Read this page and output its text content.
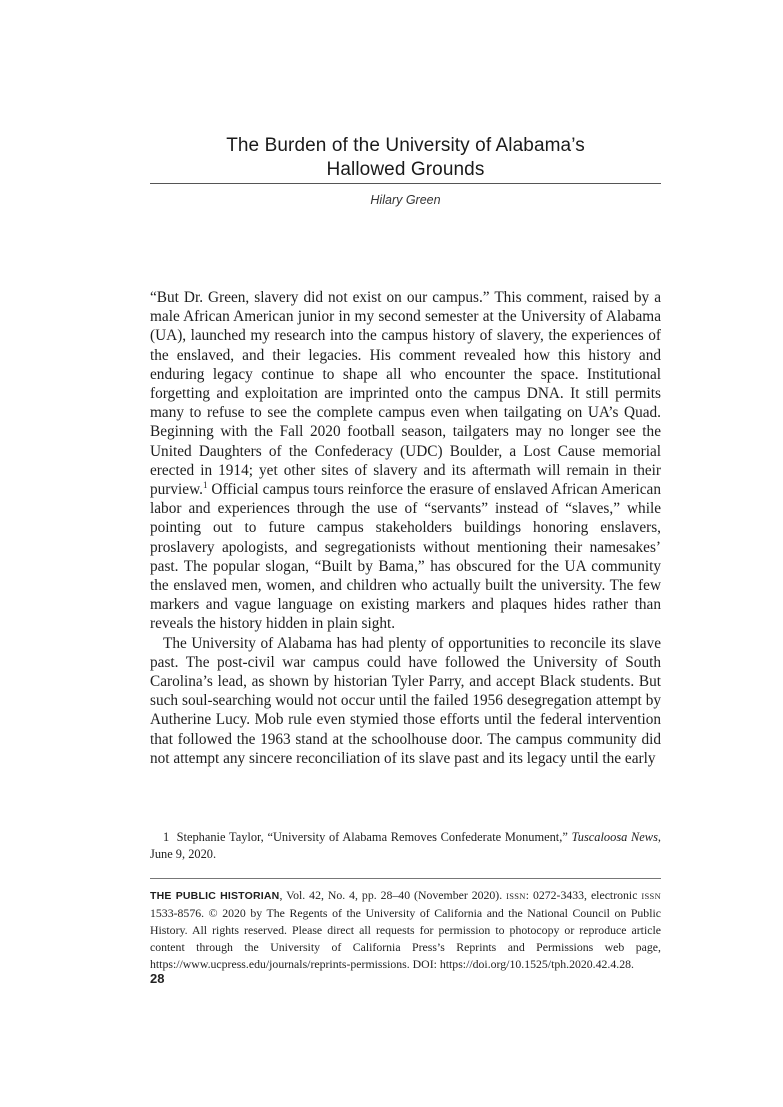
The Burden of the University of Alabama’s
Hallowed Grounds
Hilary Green

“But Dr. Green, slavery did not exist on our campus.” This comment, raised by a male African American junior in my second semester at the University of Alabama (UA), launched my research into the campus history of slavery, the experiences of the enslaved, and their legacies. His comment revealed how this history and enduring legacy continue to shape all who encounter the space. Institutional forgetting and exploitation are imprinted onto the campus DNA. It still permits many to refuse to see the complete campus even when tailgating on UA’s Quad. Beginning with the Fall 2020 football season, tailgaters may no longer see the United Daughters of the Confederacy (UDC) Boulder, a Lost Cause memorial erected in 1914; yet other sites of slavery and its aftermath will remain in their purview.$^1$ Official campus tours reinforce the erasure of enslaved African American labor and experiences through the use of “servants” instead of “slaves,” while pointing out to future campus stakeholders buildings honoring enslavers, proslavery apologists, and segregationists without mentioning their namesakes’ past. The popular slogan, “Built by Bama,” has obscured for the UA community the enslaved men, women, and children who actually built the university. The few markers and vague language on existing markers and plaques hides rather than reveals the history hidden in plain sight.

The University of Alabama has had plenty of opportunities to reconcile its slave past. The post-civil war campus could have followed the University of South Carolina’s lead, as shown by historian Tyler Parry, and accept Black students. But such soul-searching would not occur until the failed 1956 desegregation attempt by Autherine Lucy. Mob rule even stymied those efforts until the federal intervention that followed the 1963 stand at the schoolhouse door. The campus community did not attempt any sincere reconciliation of its slave past and its legacy until the early

1 Stephanie Taylor, “University of Alabama Removes Confederate Monument,” Tuscaloosa News, June 9, 2020.
THE PUBLIC HISTORIAN, Vol. 42, No. 4, pp. 28–40 (November 2020). ISSN: 0272-3433, electronic ISSN 1533-8576. © 2020 by The Regents of the University of California and the National Council on Public History. All rights reserved. Please direct all requests for permission to photocopy or reproduce article content through the University of California Press’s Reprints and Permissions web page, https://www.ucpress.edu/journals/reprints-permissions. DOI: https://doi.org/10.1525/tph.2020.42.4.28.
28
